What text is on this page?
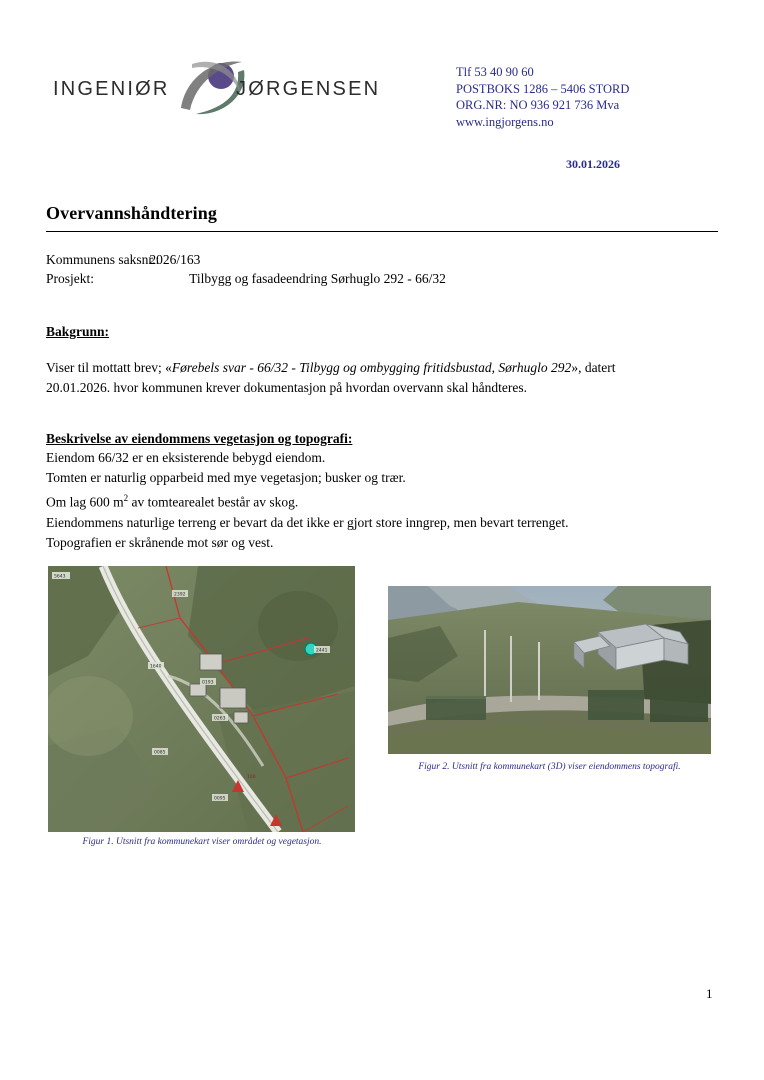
INGENIØR	JØRGENSEN
Tlf 53 40 90 60
POSTBOKS 1286 – 5406 STORD
ORG.NR: NO 936 921 736 Mva
www.ingjorgens.no
30.01.2026
Overvannshåndtering
Kommunens saksnr.: 2026/163
Prosjekt:	Tilbygg og fasadeendring Sørhuglo 292 - 66/32
Bakgrunn:
Viser til mottatt brev; «Førebels svar - 66/32 - Tilbygg og ombygging fritidsbustad, Sørhuglo 292», datert
20.01.2026. hvor kommunen krever dokumentasjon på hvordan overvann skal håndteres.
Beskrivelse av eiendommens vegetasjon og topografi:
Eiendom 66/32 er en eksisterende bebygd eiendom.
Tomten er naturlig opparbeid med mye vegetasjon; busker og trær.
Om lag 600 $m^2$ av tomtearealet består av skog.
Eiendommens naturlige terreng er bevart da det ikke er gjort store inngrep, men bevart terrenget.
Topografien er skrånende mot sør og vest.
5643
2392
1640
2441
0193
0263
0085
0095
100
Figur 1. Utsnitt fra kommunekart viser området og vegetasjon.
Figur 2. Utsnitt fra kommunekart (3D) viser eiendommens topografi.
1
